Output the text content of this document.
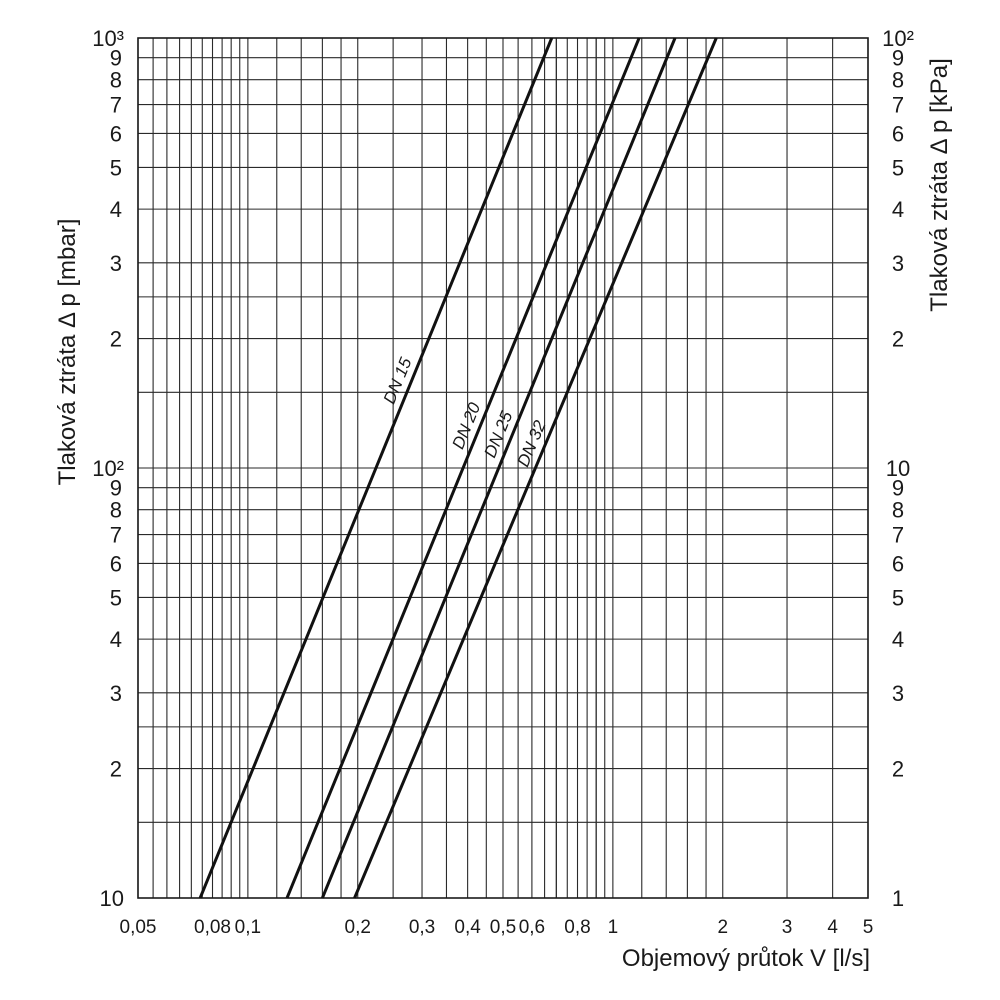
DN 15
DN 20
DN 25
DN 32
0,05 0,08 0,1	0,2 0,3 0,4 0,5 0,6 0,8 1	2	3 4 5
10	1
2	2
3	3
4	4
5	5
6	6
7	7
8	8
9	9
10²	10
2	2
3	3
4	4
5	5
6	6
7	7
8	8
9	9
10³	10²
Tlaková ztráta Δ p [mbar]
Tlaková ztráta Δ p [kPa]
Objemový průtok V [l/s]
